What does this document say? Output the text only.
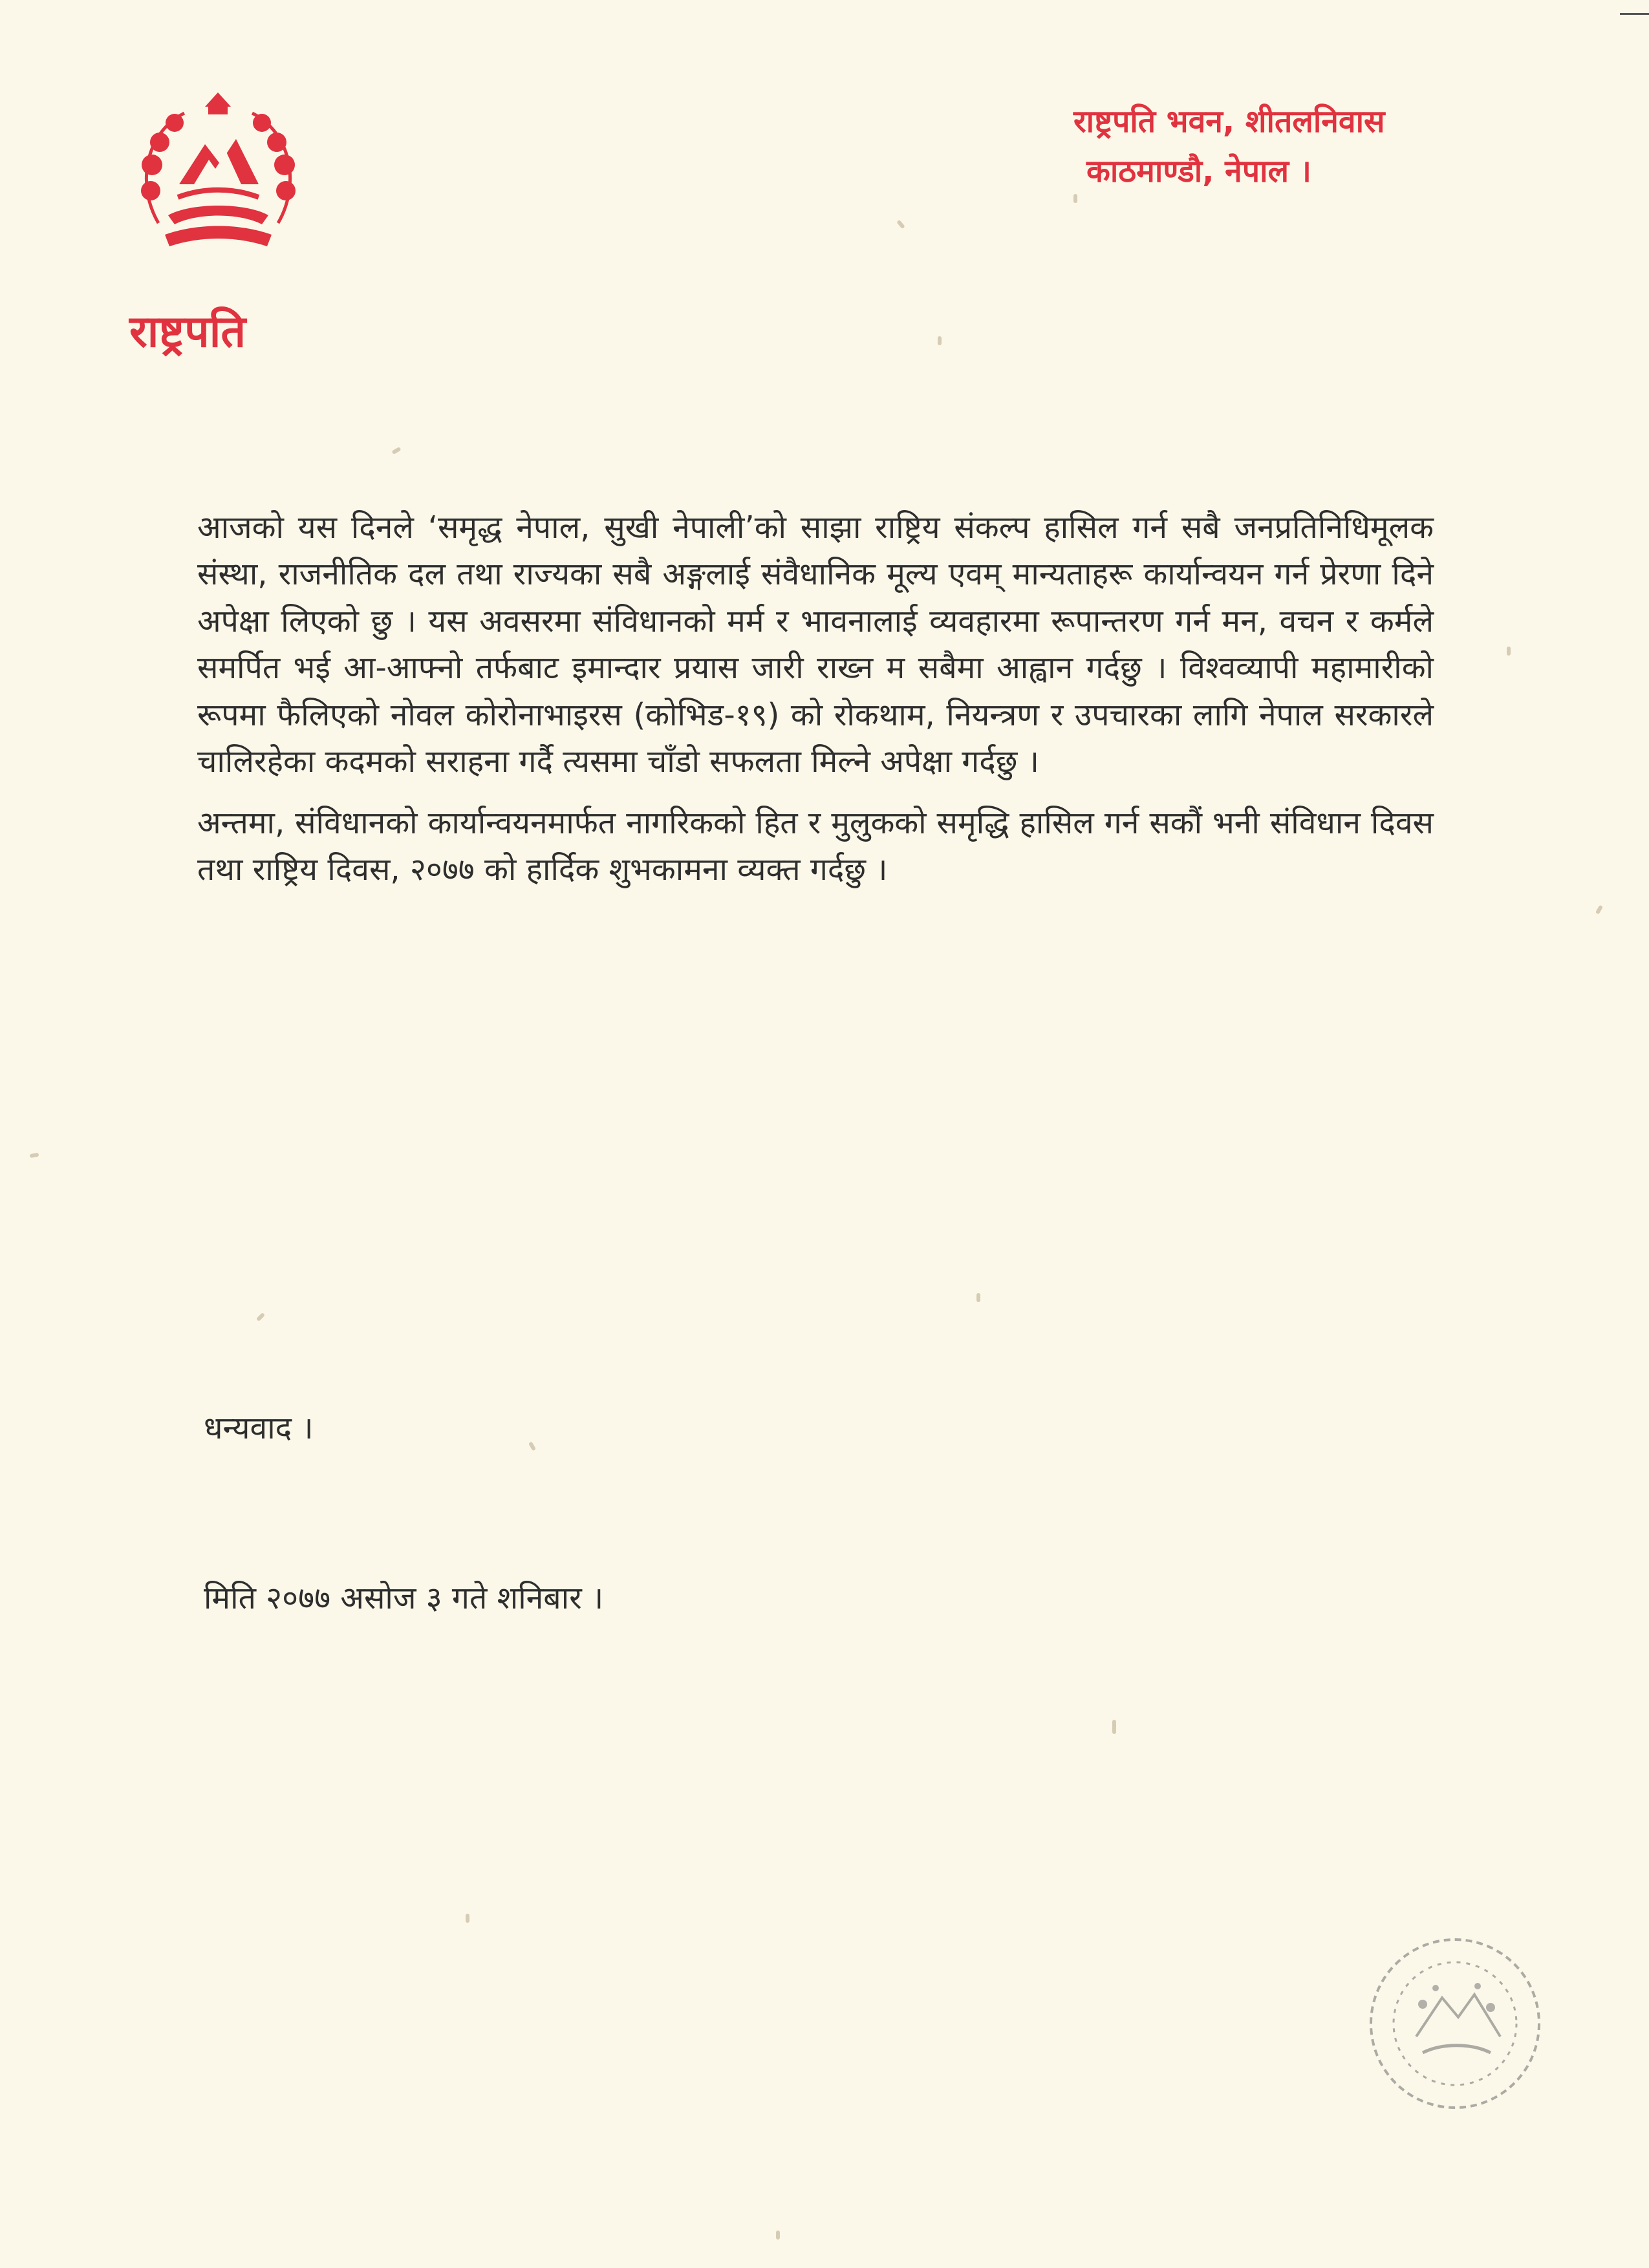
राष्ट्रपति
राष्ट्रपति भवन, शीतलनिवास
काठमाण्डौ, नेपाल ।

आजको यस दिनले ‘समृद्ध नेपाल, सुखी नेपाली’को साझा राष्ट्रिय संकल्प हासिल गर्न सबै जनप्रतिनिधिमूलक संस्था, राजनीतिक दल तथा राज्यका सबै अङ्गलाई संवैधानिक मूल्य एवम् मान्यताहरू कार्यान्वयन गर्न प्रेरणा दिने अपेक्षा लिएको छु । यस अवसरमा संविधानको मर्म र भावनालाई व्यवहारमा रूपान्तरण गर्न मन, वचन र कर्मले समर्पित भई आ-आफ्नो तर्फबाट इमान्दार प्रयास जारी राख्न म सबैमा आह्वान गर्दछु । विश्वव्यापी महामारीको रूपमा फैलिएको नोवल कोरोनाभाइरस (कोभिड-१९) को रोकथाम, नियन्त्रण र उपचारका लागि नेपाल सरकारले चालिरहेका कदमको सराहना गर्दै त्यसमा चाँडो सफलता मिल्ने अपेक्षा गर्दछु ।

अन्तमा, संविधानको कार्यान्वयनमार्फत नागरिकको हित र मुलुकको समृद्धि हासिल गर्न सकौं भनी संविधान दिवस तथा राष्ट्रिय दिवस, २०७७ को हार्दिक शुभकामना व्यक्त गर्दछु ।

धन्यवाद ।
मिति २०७७ असोज ३ गते शनिबार ।
